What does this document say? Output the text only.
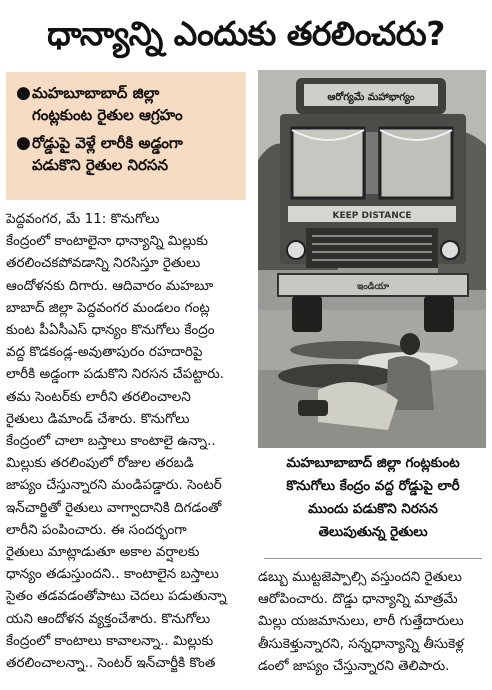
ధాన్యాన్ని ఎందుకు తరలించరు?
● మహబూబాబాద్ జిల్లా
గంట్లకుంట రైతుల ఆగ్రహం
● రోడ్డుపై వెళ్లే లారీకి అడ్డంగా
పడుకొని రైతుల నిరసన
పెద్దవంగర, మే 11: కొనుగోలు
కేంద్రంలో కాంటాలైనా ధాన్యాన్ని మిల్లుకు
తరలించకపోవడాన్ని నిరసిస్తూ రైతులు
ఆందోళనకు దిగారు. ఆదివారం మహబూ
బాబాద్ జిల్లా పెద్దవంగర మండలం గంట్ల
కుంట పీఏసీఎస్ ధాన్యం కొనుగోలు కేంద్రం
వద్ద కొడకండ్ల-అవుతాపురం రహదారిపై
లారీకి అడ్డంగా పడుకొని నిరసన చేపట్టారు.
తమ సెంటర్‌కు లారీని తరలించాలని
రైతులు డిమాండ్ చేశారు. కొనుగోలు
కేంద్రంలో చాలా బస్తాలు కాంటాలై ఉన్నా..
మిల్లుకు తరలింపులో రోజుల తరబడి
జాప్యం చేస్తున్నారని మండిపడ్డారు. సెంటర్
ఇన్‌చార్జితో రైతులు వాగ్వాదానికి దిగడంతో
లారీని పంపించారు. ఈ సందర్భంగా
రైతులు మాట్లాడుతూ అకాల వర్షాలకు
ధాన్యం తడుస్తుందని.. కాంటాలైన బస్తాలు
సైతం తడవడంతోపాటు చెదలు పడుతున్నా
యని ఆందోళన వ్యక్తంచేశారు. కొనుగోలు
కేంద్రంలో కాంటాలు కావాలన్నా.. మిల్లుకు
తరలించాలన్నా.. సెంటర్ ఇన్‌చార్జీకి కొంత
ఆరోగ్యమే మహాభాగ్యం
KEEP DISTANCE
ఇండియా
మహబూబాబాద్ జిల్లా గంట్లకుంట
కొనుగోలు కేంద్రం వద్ద రోడ్డుపై లారీ
ముందు పడుకొని నిరసన
తెలుపుతున్న రైతులు
డబ్బు ముట్టజెప్పాల్సి వస్తుందని రైతులు
ఆరోపించారు. దొడ్డు ధాన్యాన్ని మాత్రమే
మిల్లు యజమానులు, లారీ గుత్తేదారులు
తీసుకెళ్తున్నారని, సన్నధాన్యాన్ని తీసుకెళ్ల
డంలో జాప్యం చేస్తున్నారని తెలిపారు.
